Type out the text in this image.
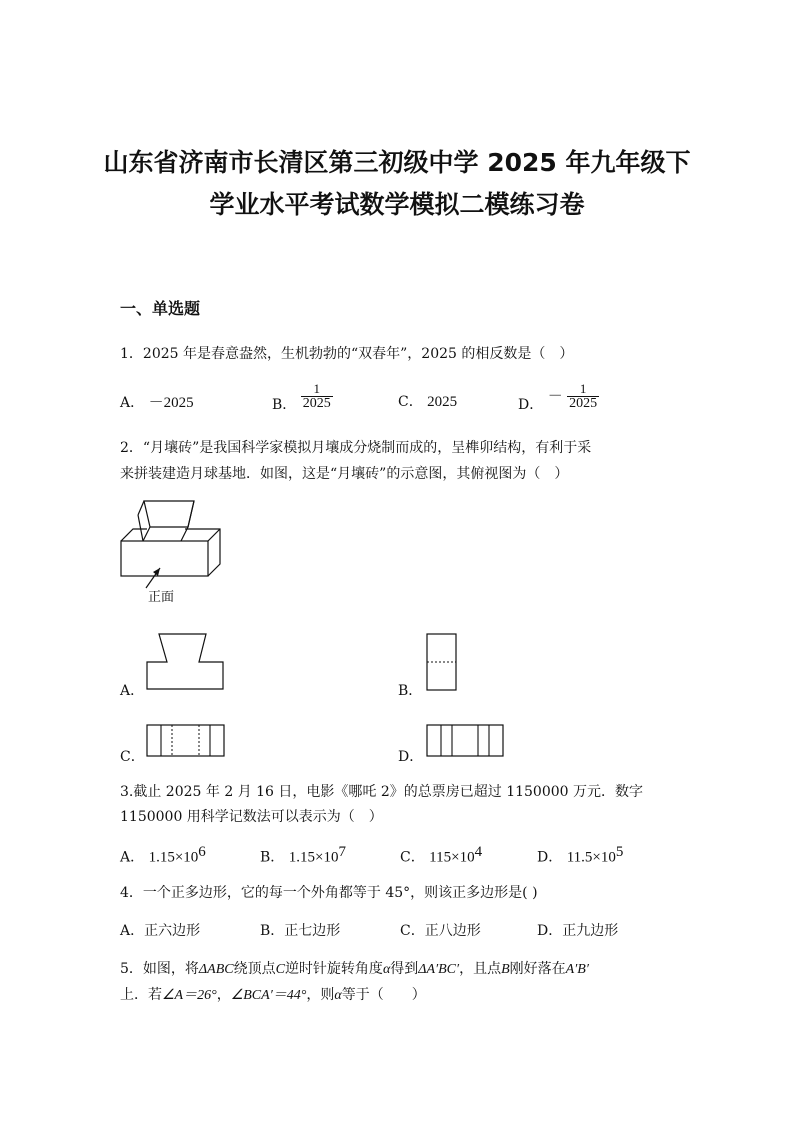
山东省济南市长清区第三初级中学 2025 年九年级下
学业水平考试数学模拟二模练习卷
一、单选题
1．2025 年是春意盎然，生机勃勃的“双春年”，2025 的相反数是（　）
A． －2025	B． $\frac{1}{2025}$	C． 2025	D． － $\frac{1}{2025}$
2．“月壤砖”是我国科学家模拟月壤成分烧制而成的，呈榫卯结构，有利于采
来拼装建造月球基地．如图，这是“月壤砖”的示意图，其俯视图为（　）
正面
A．	B．
C．	D．
3.截止 2025 年 2 月 16 日，电影《哪吒 2》的总票房已超过 1150000 万元．数字
1150000 用科学记数法可以表示为（　）
A． $1.15\times 10^6$	B． $1.15\times 10^7$	C． $115\times 10^4$	D． $11.5\times 10^5$
4．一个正多边形，它的每一个外角都等于 45°，则该正多边形是( )
A．正六边形	B．正七边形	C．正八边形	D．正九边形
5．如图，将ΔABC绕顶点C逆时针旋转角度α得到ΔA′BC′，且点B刚好落在A′B′
上．若∠A＝26°，∠BCA′＝44°，则α等于（　　）
